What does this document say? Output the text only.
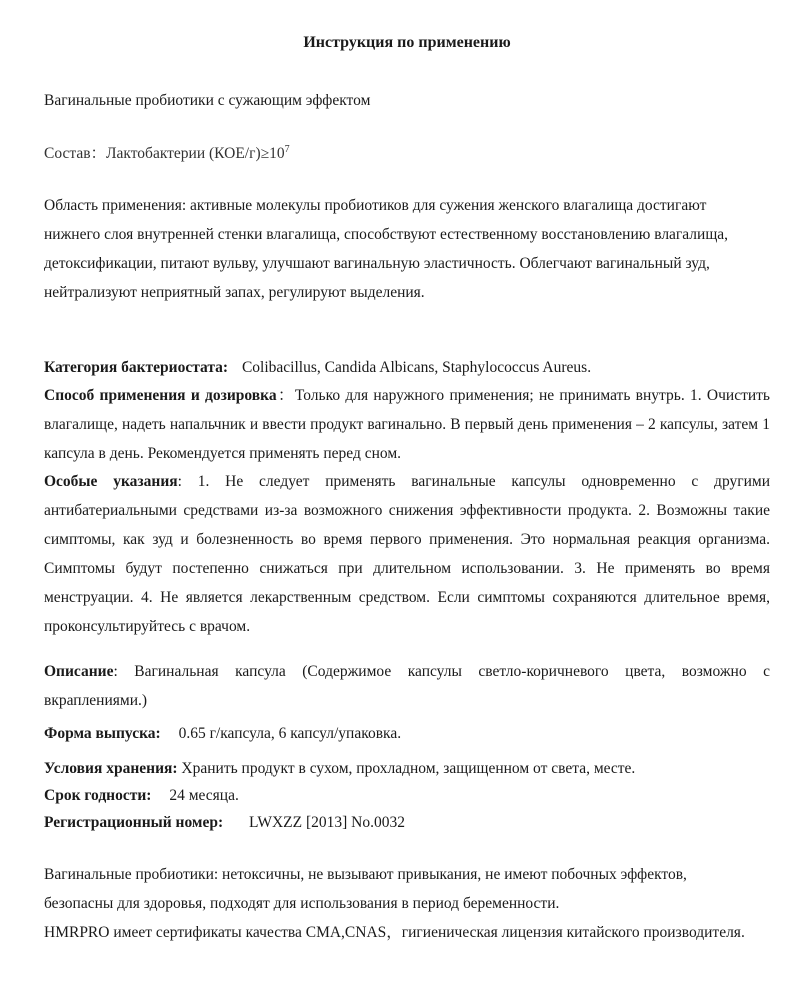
Инструкция по применению
Вагинальные пробиотики с сужающим эффектом
Состав：Лактобактерии $(КОЕ/г)\ge 10^7$
Область применения: активные молекулы пробиотиков для сужения женского влагалища достигают нижнего слоя внутренней стенки влагалища, способствуют естественному восстановлению влагалища, детоксификации, питают вульву, улучшают вагинальную эластичность. Облегчают вагинальный зуд, нейтрализуют неприятный запах, регулируют выделения.
Категория бактериостата: Colibacillus, Candida Albicans, Staphylococcus Aureus.
Способ применения и дозировка：Только для наружного применения; не принимать внутрь. 1. Очистить влагалище, надеть напальчник и ввести продукт вагинально. В первый день применения – 2 капсулы, затем 1 капсула в день. Рекомендуется применять перед сном.
Особые указания: 1. Не следует применять вагинальные капсулы одновременно с другими антибатериальными средствами из-за возможного снижения эффективности продукта. 2. Возможны такие симптомы, как зуд и болезненность во время первого применения. Это нормальная реакция организма. Симптомы будут постепенно снижаться при длительном использовании. 3. Не применять во время менструации. 4. Не является лекарственным средством. Если симптомы сохраняются длительное время, проконсультируйтесь с врачом.
Описание: Вагинальная капсула (Содержимое капсулы светло-коричневого цвета, возможно с вкраплениями.)
Форма выпуска: 0.65 г/капсула, 6 капсул/упаковка.
Условия хранения: Хранить продукт в сухом, прохладном, защищенном от света, месте.
Срок годности: 24 месяца.
Регистрационный номер: LWXZZ [2013] No.0032
Вагинальные пробиотики: нетоксичны, не вызывают привыкания, не имеют побочных эффектов, безопасны для здоровья, подходят для использования в период беременности.
HMRPRO имеет сертификаты качества CMA,CNAS，гигиеническая лицензия китайского производителя.
